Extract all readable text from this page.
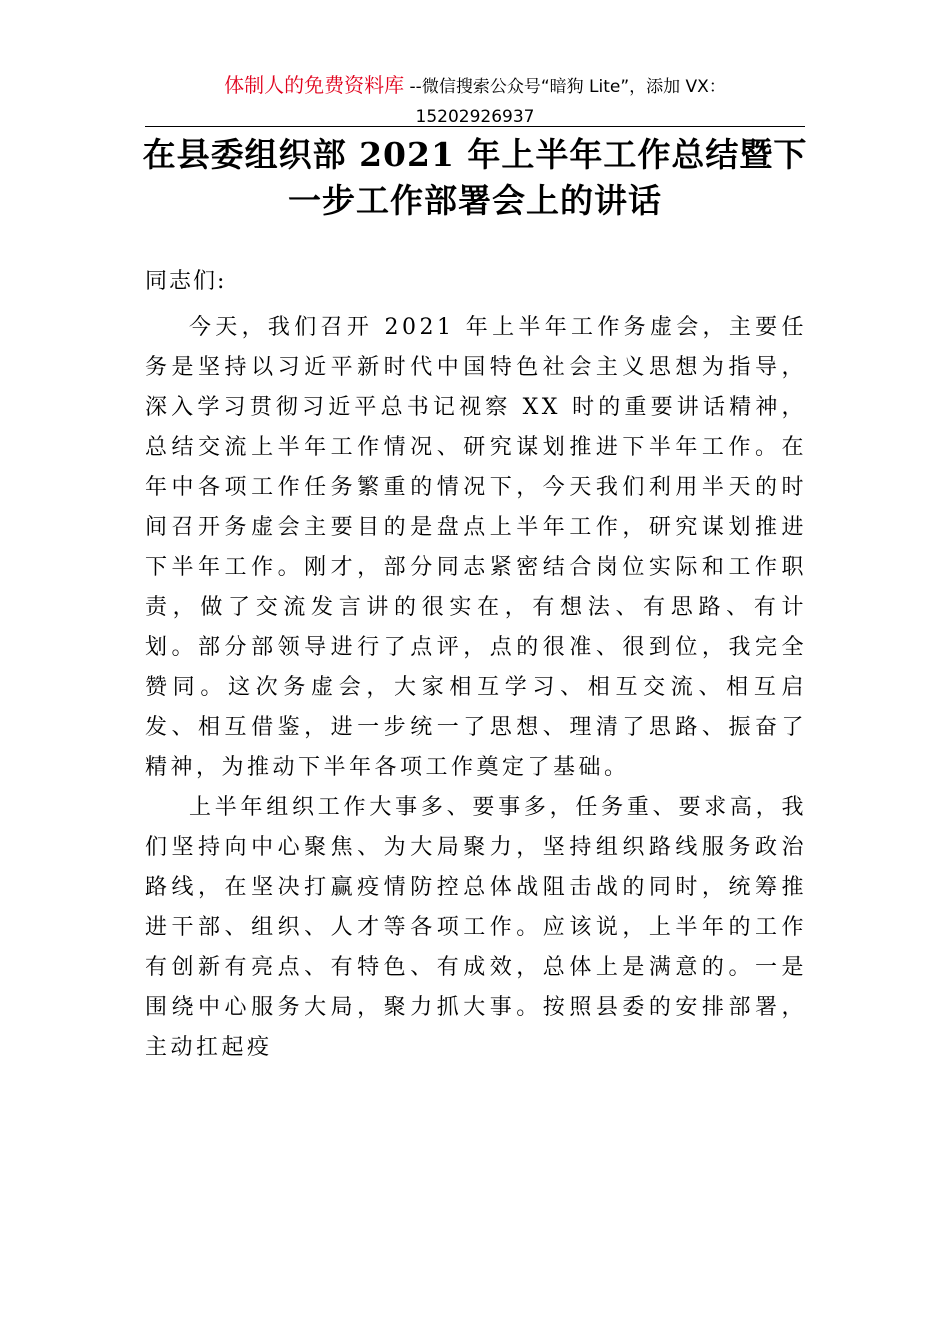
体制人的免费资料库 --微信搜索公众号“暗狗 Lite”，添加 VX：
15202926937
在县委组织部 2021 年上半年工作总结暨下
一步工作部署会上的讲话
同志们:

今天，我们召开 2021 年上半年工作务虚会，主要任务是坚持以习近平新时代中国特色社会主义思想为指导，深入学习贯彻习近平总书记视察 XX 时的重要讲话精神，总结交流上半年工作情况、研究谋划推进下半年工作。在年中各项工作任务繁重的情况下，今天我们利用半天的时间召开务虚会主要目的是盘点上半年工作，研究谋划推进下半年工作。刚才，部分同志紧密结合岗位实际和工作职责，做了交流发言讲的很实在，有想法、有思路、有计划。部分部领导进行了点评，点的很准、很到位，我完全赞同。这次务虚会，大家相互学习、相互交流、相互启发、相互借鉴，进一步统一了思想、理清了思路、振奋了精神，为推动下半年各项工作奠定了基础。

上半年组织工作大事多、要事多，任务重、要求高，我们坚持向中心聚焦、为大局聚力，坚持组织路线服务政治路线，在坚决打赢疫情防控总体战阻击战的同时，统筹推进干部、组织、人才等各项工作。应该说，上半年的工作有创新有亮点、有特色、有成效，总体上是满意的。一是围绕中心服务大局，聚力抓大事。按照县委的安排部署，主动扛起疫
